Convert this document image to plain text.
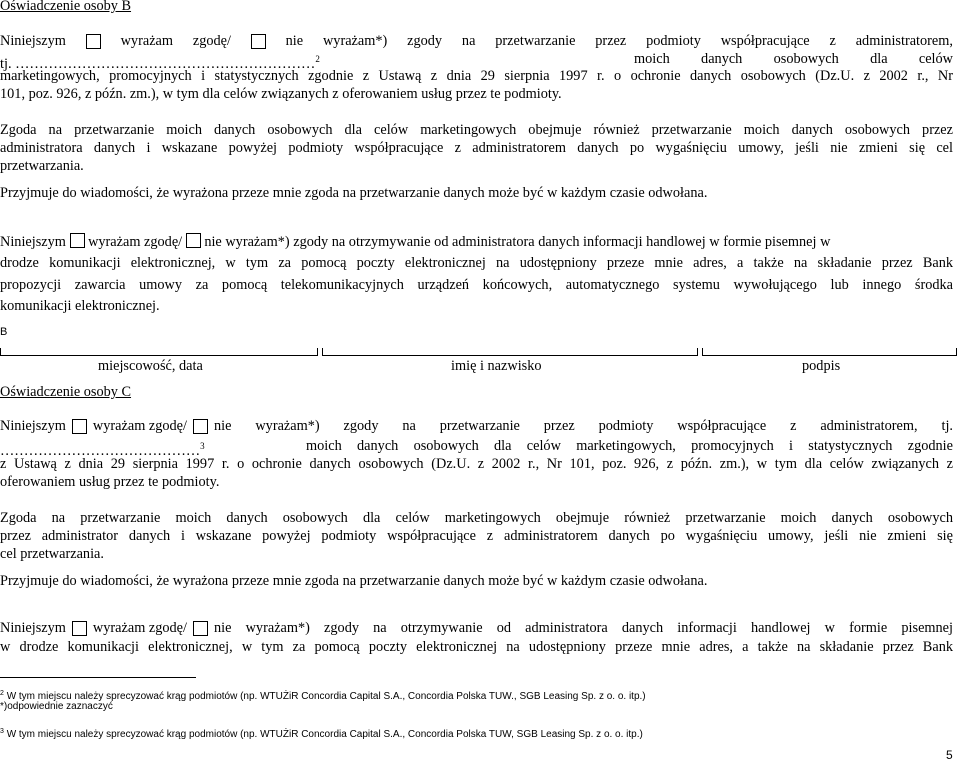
Oświadczenie osoby B
Niniejszym	wyrażam zgodę/	nie wyrażam*) zgody na przetwarzanie przez podmioty współpracujące z administratorem,
tj. ………………………………………………………$^2$	moich danych osobowych dla celów
marketingowych, promocyjnych i statystycznych zgodnie z Ustawą z dnia 29 sierpnia 1997 r. o ochronie danych osobowych (Dz.U. z 2002 r., Nr
101, poz. 926, z późn. zm.), w tym dla celów związanych z oferowaniem usług przez te podmioty.
Zgoda na przetwarzanie moich danych osobowych dla celów marketingowych obejmuje również przetwarzanie moich danych osobowych przez
administratora danych i wskazane powyżej podmioty współpracujące z administratorem danych po wygaśnięciu umowy, jeśli nie zmieni się cel
przetwarzania.
Przyjmuje do wiadomości, że wyrażona przeze mnie zgoda na przetwarzanie danych może być w każdym czasie odwołana.
Niniejszym wyrażam zgodę/ nie wyrażam*) zgody na otrzymywanie od administratora danych informacji handlowej w formie pisemnej w
drodze komunikacji elektronicznej, w tym za pomocą poczty elektronicznej na udostępniony przeze mnie adres, a także na składanie przez Bank
propozycji zawarcia umowy za pomocą telekomunikacyjnych urządzeń końcowych, automatycznego systemu wywołującego lub innego środka
komunikacji elektronicznej.
B
miejscowość, data	imię i nazwisko	podpis
Oświadczenie osoby C
Niniejszym wyrażam zgodę/ nie wyrażam*) zgody na przetwarzanie przez podmioty współpracujące z administratorem, tj.
……………………………………$^3$	moich danych osobowych dla celów marketingowych, promocyjnych i statystycznych zgodnie
z Ustawą z dnia 29 sierpnia 1997 r. o ochronie danych osobowych (Dz.U. z 2002 r., Nr 101, poz. 926, z późn. zm.), w tym dla celów związanych z
oferowaniem usług przez te podmioty.
Zgoda na przetwarzanie moich danych osobowych dla celów marketingowych obejmuje również przetwarzanie moich danych osobowych
przez administrator danych i wskazane powyżej podmioty współpracujące z administratorem danych po wygaśnięciu umowy, jeśli nie zmieni się
cel przetwarzania.
Przyjmuje do wiadomości, że wyrażona przeze mnie zgoda na przetwarzanie danych może być w każdym czasie odwołana.
Niniejszym wyrażam zgodę/ nie wyrażam*) zgody na otrzymywanie od administratora danych informacji handlowej w formie pisemnej
w drodze komunikacji elektronicznej, w tym za pomocą poczty elektronicznej na udostępniony przeze mnie adres, a także na składanie przez Bank
$^2$ W tym miejscu należy sprecyzować krąg podmiotów (np. WTUŻiR Concordia Capital S.A., Concordia Polska TUW., SGB Leasing Sp. z o. o. itp.)
*)odpowiednie zaznaczyć
$^3$ W tym miejscu należy sprecyzować krąg podmiotów (np. WTUŻiR Concordia Capital S.A., Concordia Polska TUW, SGB Leasing Sp. z o. o. itp.)
5
